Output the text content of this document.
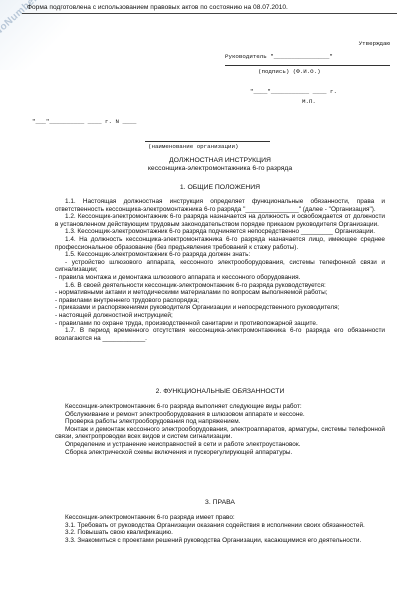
Форма подготовлена с использованием правовых актов по состоянию на 08.07.2010.
Утверждаю
Руководитель "________________"
(подпись) (Ф.И.О.)
"____"___________ ____ г.
М.П.
"___"__________ ____ г. N ____
(наименование организации)
ДОЛЖНОСТНАЯ ИНСТРУКЦИЯ
кессонщика-электромонтажника 6-го разряда
1. ОБЩИЕ ПОЛОЖЕНИЯ

1.1. Настоящая должностная инструкция определяет функциональные обязанности, права и ответственность кессонщика-электромонтажника 6-го разряда "_______________" (далее - "Организация").

1.2. Кессонщик-электромонтажник 6-го разряда назначается на должность и освобождается от должности в установленном действующим трудовым законодательством порядке приказом руководителя Организации.

1.3. Кессонщик-электромонтажник 6-го разряда подчиняется непосредственно _________ Организации.

1.4. На должность кессонщика-электромонтажника 6-го разряда назначается лицо, имеющее среднее профессиональное образование (без предъявления требований к стажу работы).

1.5. Кессонщик-электромонтажник 6-го разряда должен знать:

- устройство шлюзового аппарата, кессонного электрооборудования, системы телефонной связи и сигнализации;

- правила монтажа и демонтажа шлюзового аппарата и кессонного оборудования.

1.6. В своей деятельности кессонщик-электромонтажник 6-го разряда руководствуется:

- нормативными актами и методическими материалами по вопросам выполняемой работы;

- правилами внутреннего трудового распорядка;

- приказами и распоряжениями руководителя Организации и непосредственного руководителя;

- настоящей должностной инструкцией;

- правилами по охране труда, производственной санитарии и противопожарной защите.

1.7. В период временного отсутствия кессонщика-электромонтажника 6-го разряда его обязанности возлагаются на ____________.

2. ФУНКЦИОНАЛЬНЫЕ ОБЯЗАННОСТИ

Кессонщик-электромонтажник 6-го разряда выполняет следующие виды работ:

Обслуживание и ремонт электрооборудования в шлюзовом аппарате и кессоне.

Проверка работы электрооборудования под напряжением.

Монтаж и демонтаж кессонного электрооборудования, электроаппаратов, арматуры, системы телефонной связи, электропроводки всех видов и систем сигнализации.

Определение и устранение неисправностей в сети и работе электроустановок.

Сборка электрической схемы включения и пускорегулирующей аппаратуры.

3. ПРАВА

Кессонщик-электромонтажник 6-го разряда имеет право:

3.1. Требовать от руководства Организации оказания содействия в исполнении своих обязанностей.

3.2. Повышать свою квалификацию.

3.3. Знакомиться с проектами решений руководства Организации, касающимися его деятельности.
